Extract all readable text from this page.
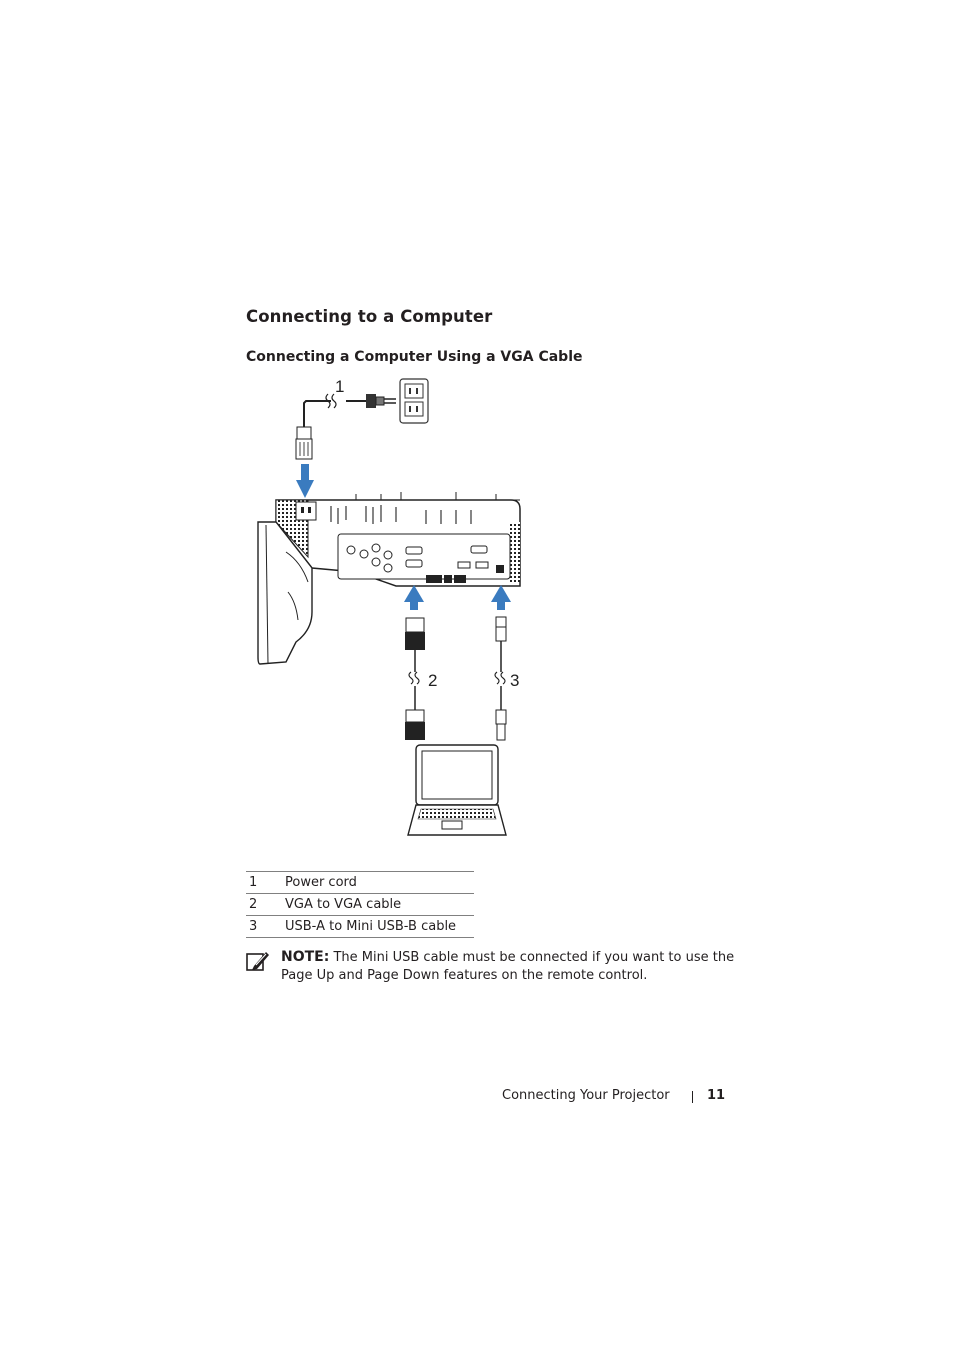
Connecting to a Computer
Connecting a Computer Using a VGA Cable
1
2	3
1	Power cord
2	VGA to VGA cable
3	USB-A to Mini USB-B cable
NOTE: The Mini USB cable must be connected if you want to use the Page Up and Page Down features on the remote control.
Connecting Your Projector	11
